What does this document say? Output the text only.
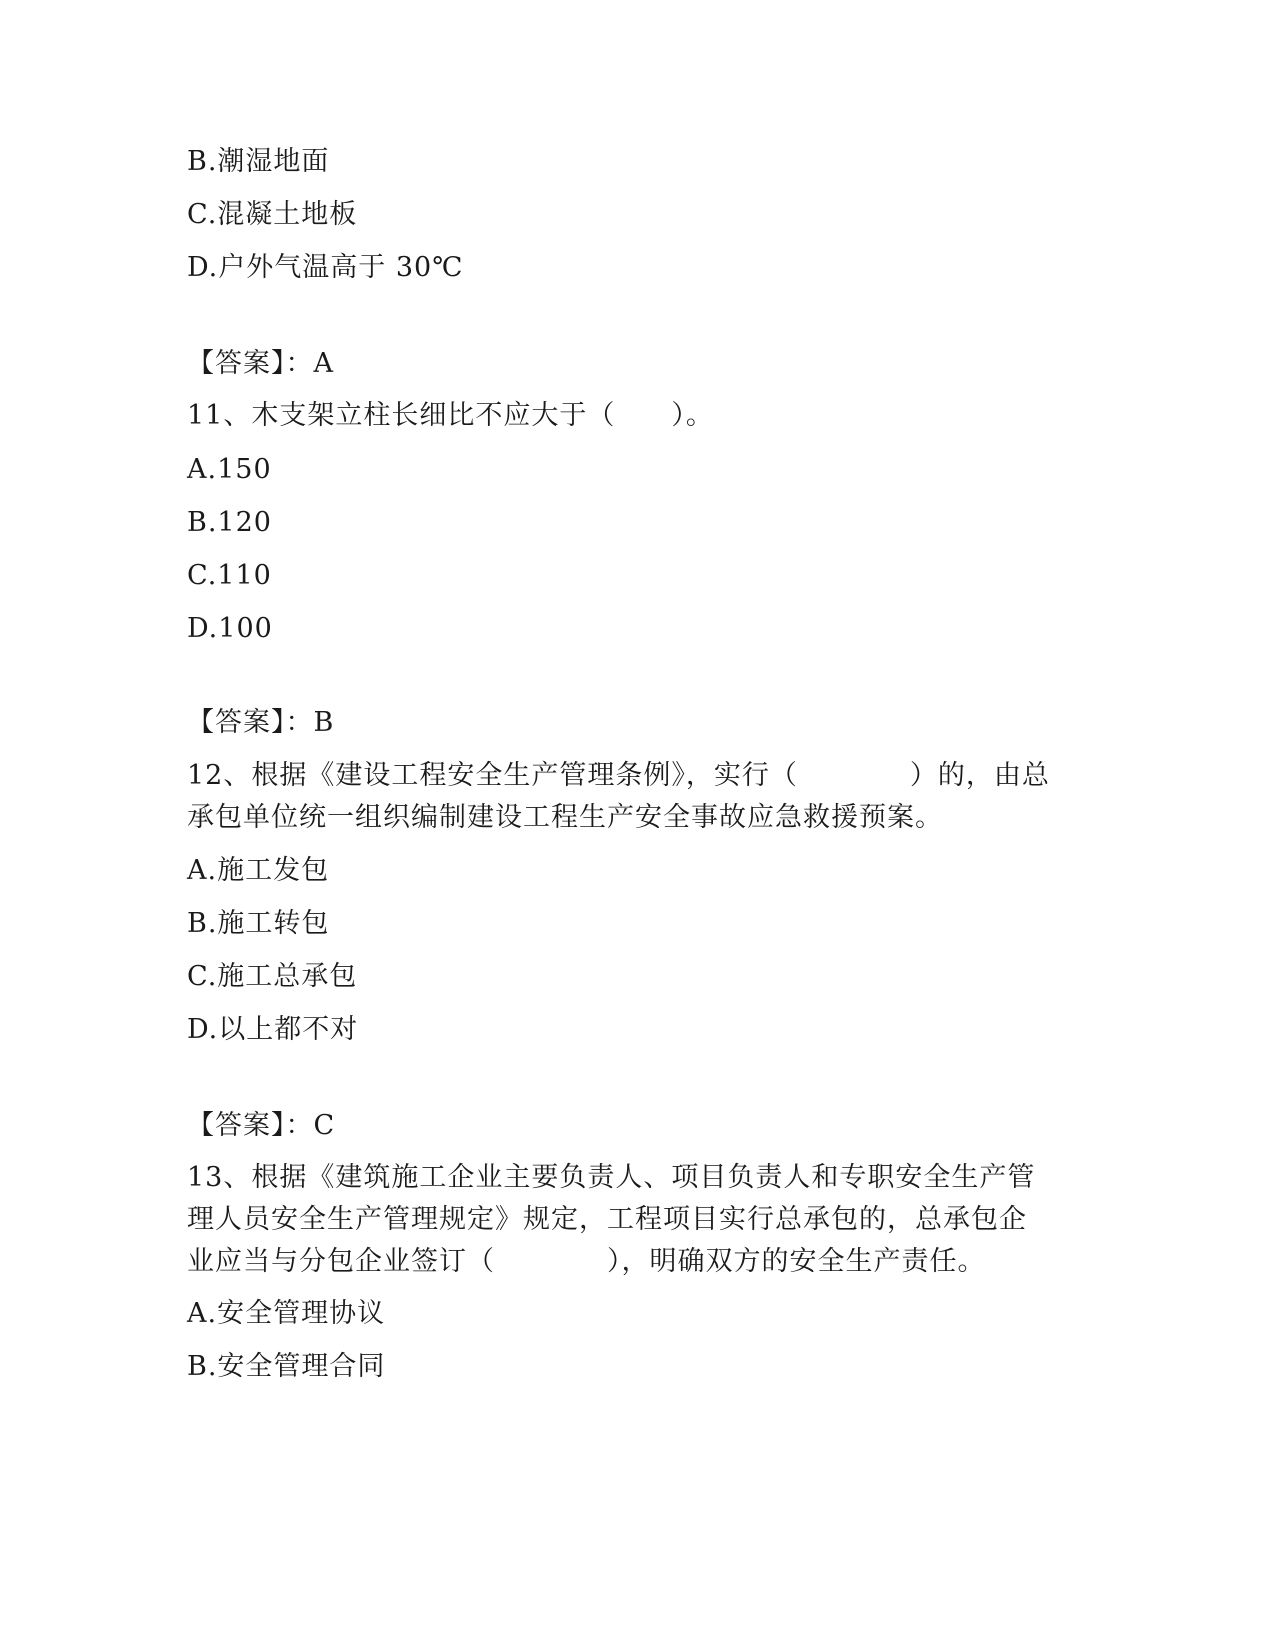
B.潮湿地面
C.混凝土地板
D.户外气温高于 30℃
【答案】：A
11、木支架立柱长细比不应大于（　　）。
A.150
B.120
C.110
D.100
【答案】：B
12、根据《建设工程安全生产管理条例》，实行（　　　　）的，由总
承包单位统一组织编制建设工程生产安全事故应急救援预案。
A.施工发包
B.施工转包
C.施工总承包
D.以上都不对
【答案】：C
13、根据《建筑施工企业主要负责人、项目负责人和专职安全生产管
理人员安全生产管理规定》规定，工程项目实行总承包的，总承包企
业应当与分包企业签订（　　　　），明确双方的安全生产责任。
A.安全管理协议
B.安全管理合同
